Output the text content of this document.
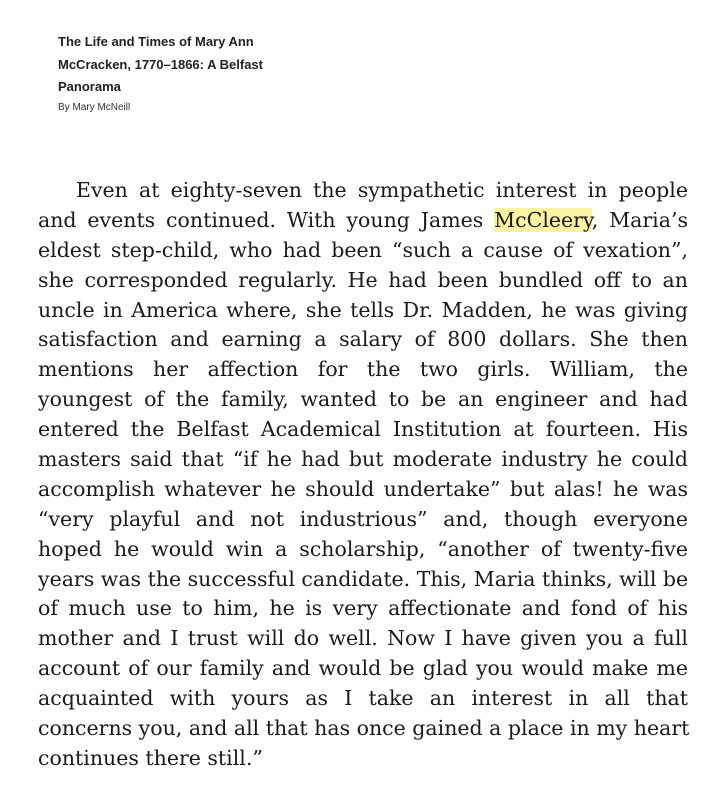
The Life and Times of Mary Ann McCracken, 1770–1866: A Belfast Panorama

By Mary McNeill
Even at eighty-seven the sympathetic interest in people
and events continued. With young James McCleery, Maria’s
eldest step-child, who had been “such a cause of vexation”,
she corresponded regularly. He had been bundled off to an
uncle in America where, she tells Dr. Madden, he was giving
satisfaction and earning a salary of 800 dollars. She then
mentions her affection for the two girls. William, the
youngest of the family, wanted to be an engineer and had
entered the Belfast Academical Institution at fourteen. His
masters said that “if he had but moderate industry he could
accomplish whatever he should undertake” but alas! he was
“very playful and not industrious” and, though everyone
hoped he would win a scholarship, “another of twenty-five
years was the successful candidate. This, Maria thinks, will be
of much use to him, he is very affectionate and fond of his
mother and I trust will do well. Now I have given you a full
account of our family and would be glad you would make me
acquainted with yours as I take an interest in all that
concerns you, and all that has once gained a place in my heart
continues there still.”
